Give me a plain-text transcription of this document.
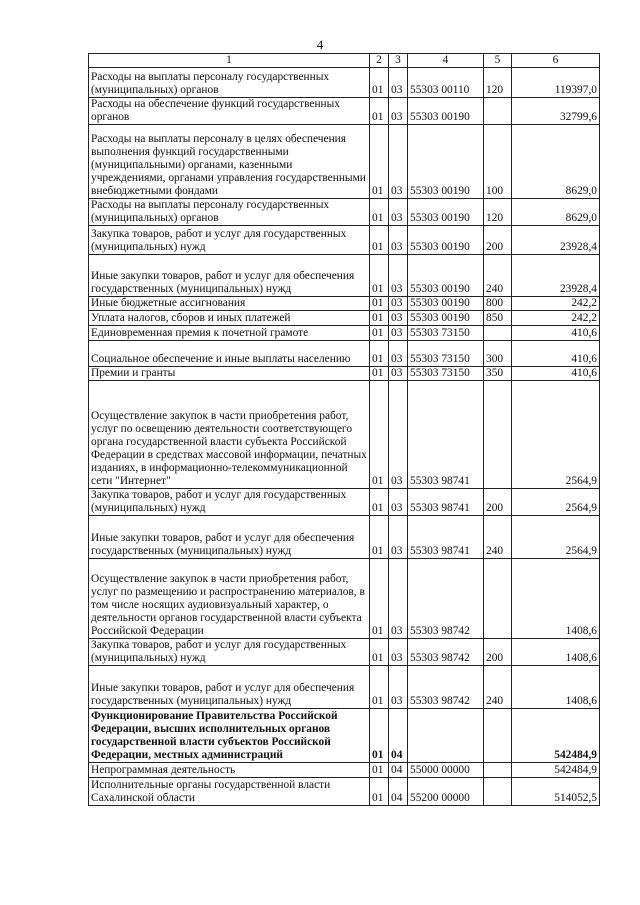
4
1	2	3	4	5	6
Расходы на выплаты персоналу государственных (муниципальных) органов	01	03	55303 00110	120	119397,0
Расходы на обеспечение функций государственных органов	01	03	55303 00190		32799,6
Расходы на выплаты персоналу в целях обеспечения выполнения функций государственными (муниципальными) органами, казенными учреждениями, органами управления государственными внебюджетными фондами	01	03	55303 00190	100	8629,0
Расходы на выплаты персоналу государственных (муниципальных) органов	01	03	55303 00190	120	8629,0
Закупка товаров, работ и услуг для государственных (муниципальных) нужд	01	03	55303 00190	200	23928,4
Иные закупки товаров, работ и услуг для обеспечения государственных (муниципальных) нужд	01	03	55303 00190	240	23928,4
Иные бюджетные ассигнования	01	03	55303 00190	800	242,2
Уплата налогов, сборов и иных платежей	01	03	55303 00190	850	242,2
Единовременная премия к почетной грамоте	01	03	55303 73150		410,6
Социальное обеспечение и иные выплаты населению	01	03	55303 73150	300	410,6
Премии и гранты	01	03	55303 73150	350	410,6
Осуществление закупок в части приобретения работ, услуг по освещению деятельности соответствующего органа государственной власти субъекта Российской Федерации в средствах массовой информации, печатных изданиях, в информационно-телекоммуникационной сети "Интернет"	01	03	55303 98741		2564,9
Закупка товаров, работ и услуг для государственных (муниципальных) нужд	01	03	55303 98741	200	2564,9
Иные закупки товаров, работ и услуг для обеспечения государственных (муниципальных) нужд	01	03	55303 98741	240	2564,9
Осуществление закупок в части приобретения работ, услуг по размещению и распространению материалов, в том числе носящих аудиовизуальный характер, о деятельности органов государственной власти субъекта Российской Федерации	01	03	55303 98742		1408,6
Закупка товаров, работ и услуг для государственных (муниципальных) нужд	01	03	55303 98742	200	1408,6
Иные закупки товаров, работ и услуг для обеспечения государственных (муниципальных) нужд	01	03	55303 98742	240	1408,6
Функционирование Правительства Российской Федерации, высших исполнительных органов государственной власти субъектов Российской Федерации, местных администраций	01	04			542484,9
Непрограммная деятельность	01	04	55000 00000		542484,9
Исполнительные органы государственной власти Сахалинской области	01	04	55200 00000		514052,5
